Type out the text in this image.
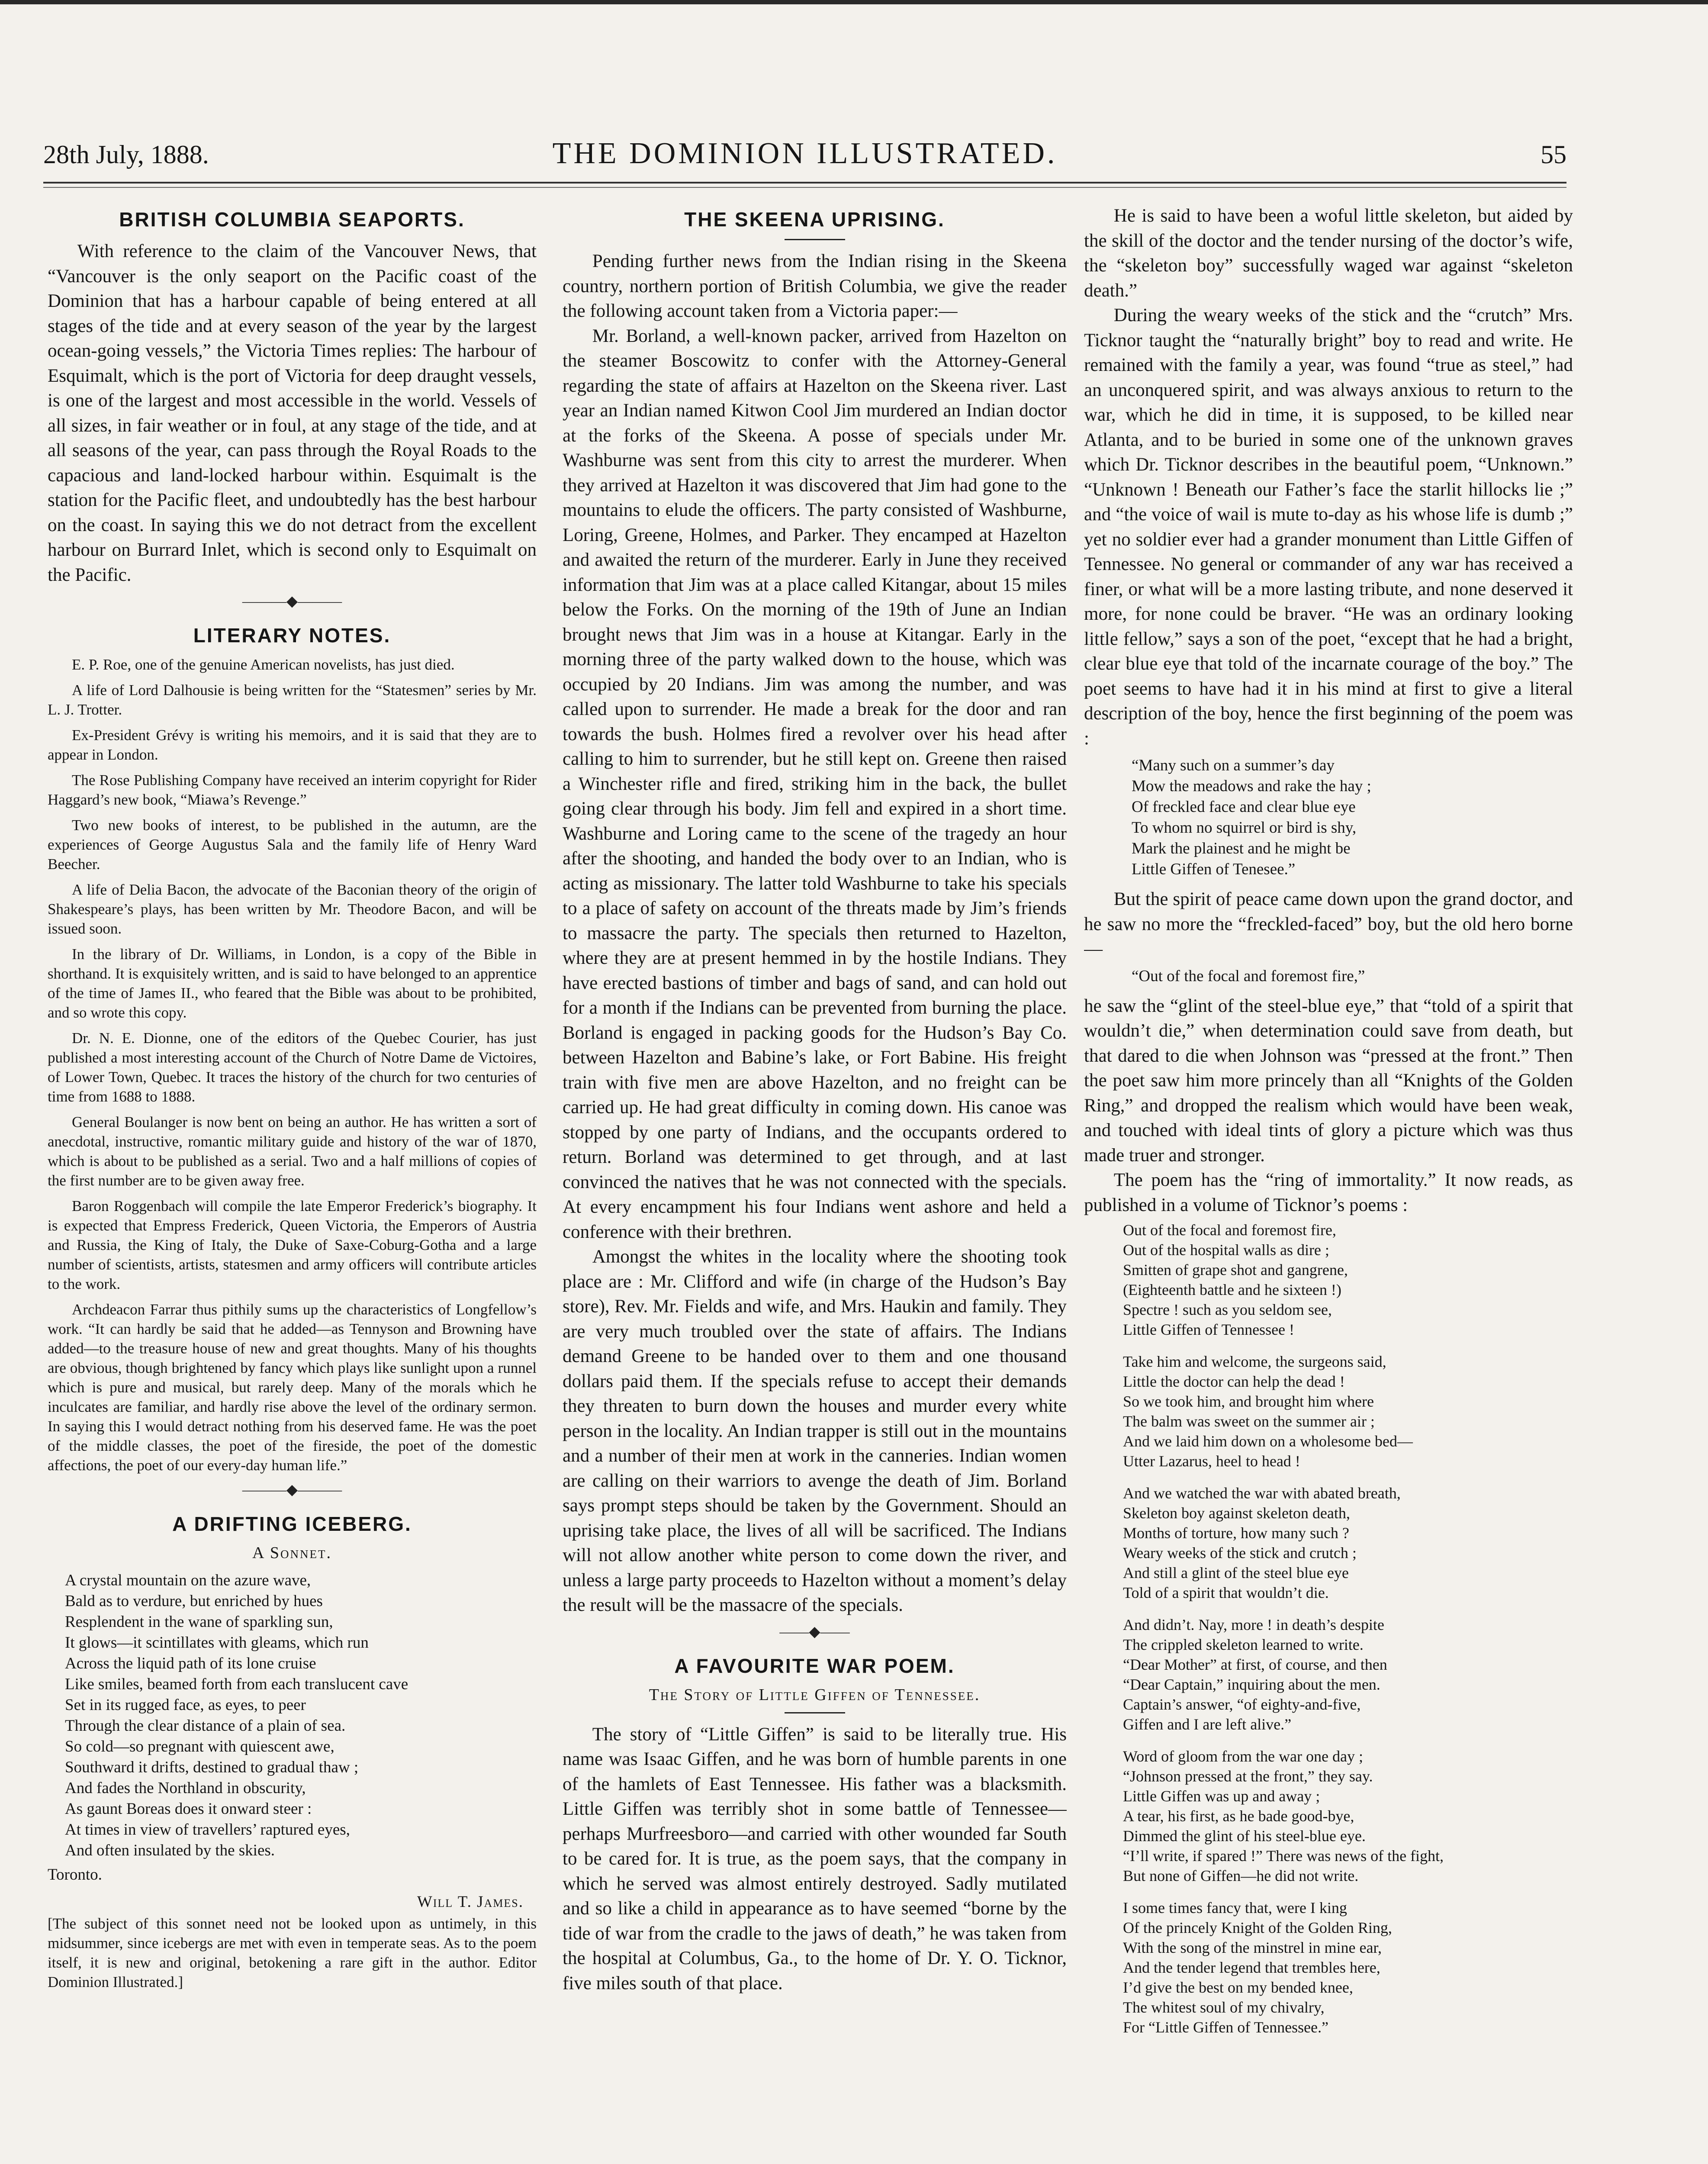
28th July, 1888.	THE DOMINION ILLUSTRATED.	55
BRITISH COLUMBIA SEAPORTS.

With reference to the claim of the Vancouver News, that “Vancouver is the only seaport on the Pacific coast of the Dominion that has a harbour capable of being entered at all stages of the tide and at every season of the year by the largest ocean-going vessels,” the Victoria Times replies: The harbour of Esquimalt, which is the port of Victoria for deep draught vessels, is one of the largest and most accessible in the world. Vessels of all sizes, in fair weather or in foul, at any stage of the tide, and at all seasons of the year, can pass through the Royal Roads to the capacious and land-locked harbour within. Esquimalt is the station for the Pacific fleet, and undoubtedly has the best harbour on the coast. In saying this we do not detract from the excellent harbour on Burrard Inlet, which is second only to Esquimalt on the Pacific.

———◆———
LITERARY NOTES.

E. P. Roe, one of the genuine American novelists, has just died.

A life of Lord Dalhousie is being written for the “Statesmen” series by Mr. L. J. Trotter.

Ex-President Grévy is writing his memoirs, and it is said that they are to appear in London.

The Rose Publishing Company have received an interim copyright for Rider Haggard’s new book, “Miawa’s Revenge.”

Two new books of interest, to be published in the autumn, are the experiences of George Augustus Sala and the family life of Henry Ward Beecher.

A life of Delia Bacon, the advocate of the Baconian theory of the origin of Shakespeare’s plays, has been written by Mr. Theodore Bacon, and will be issued soon.

In the library of Dr. Williams, in London, is a copy of the Bible in shorthand. It is exquisitely written, and is said to have belonged to an apprentice of the time of James II., who feared that the Bible was about to be prohibited, and so wrote this copy.

Dr. N. E. Dionne, one of the editors of the Quebec Courier, has just published a most interesting account of the Church of Notre Dame de Victoires, of Lower Town, Quebec. It traces the history of the church for two centuries of time from 1688 to 1888.

General Boulanger is now bent on being an author. He has written a sort of anecdotal, instructive, romantic military guide and history of the war of 1870, which is about to be published as a serial. Two and a half millions of copies of the first number are to be given away free.

Baron Roggenbach will compile the late Emperor Frederick’s biography. It is expected that Empress Frederick, Queen Victoria, the Emperors of Austria and Russia, the King of Italy, the Duke of Saxe-Coburg-Gotha and a large number of scientists, artists, statesmen and army officers will contribute articles to the work.

Archdeacon Farrar thus pithily sums up the characteristics of Longfellow’s work. “It can hardly be said that he added—as Tennyson and Browning have added—to the treasure house of new and great thoughts. Many of his thoughts are obvious, though brightened by fancy which plays like sunlight upon a runnel which is pure and musical, but rarely deep. Many of the morals which he inculcates are familiar, and hardly rise above the level of the ordinary sermon. In saying this I would detract nothing from his deserved fame. He was the poet of the middle classes, the poet of the fireside, the poet of the domestic affections, the poet of our every-day human life.”

———◆———
A DRIFTING ICEBERG.
A Sonnet.
A crystal mountain on the azure wave,
Bald as to verdure, but enriched by hues
Resplendent in the wane of sparkling sun,
It glows—it scintillates with gleams, which run
Across the liquid path of its lone cruise
Like smiles, beamed forth from each translucent cave
Set in its rugged face, as eyes, to peer
Through the clear distance of a plain of sea.
So cold—so pregnant with quiescent awe,
Southward it drifts, destined to gradual thaw ;
And fades the Northland in obscurity,
As gaunt Boreas does it onward steer :
At times in view of travellers’ raptured eyes,
And often insulated by the skies.
Toronto.
Will T. James.

[The subject of this sonnet need not be looked upon as untimely, in this midsummer, since icebergs are met with even in temperate seas. As to the poem itself, it is new and original, betokening a rare gift in the author. Editor Dominion Illustrated.]

THE SKEENA UPRISING.

Pending further news from the Indian rising in the Skeena country, northern portion of British Columbia, we give the reader the following account taken from a Victoria paper:—

Mr. Borland, a well-known packer, arrived from Hazelton on the steamer Boscowitz to confer with the Attorney-General regarding the state of affairs at Hazelton on the Skeena river. Last year an Indian named Kitwon Cool Jim murdered an Indian doctor at the forks of the Skeena. A posse of specials under Mr. Washburne was sent from this city to arrest the murderer. When they arrived at Hazelton it was discovered that Jim had gone to the mountains to elude the officers. The party consisted of Washburne, Loring, Greene, Holmes, and Parker. They encamped at Hazelton and awaited the return of the murderer. Early in June they received information that Jim was at a place called Kitangar, about 15 miles below the Forks. On the morning of the 19th of June an Indian brought news that Jim was in a house at Kitangar. Early in the morning three of the party walked down to the house, which was occupied by 20 Indians. Jim was among the number, and was called upon to surrender. He made a break for the door and ran towards the bush. Holmes fired a revolver over his head after calling to him to surrender, but he still kept on. Greene then raised a Winchester rifle and fired, striking him in the back, the bullet going clear through his body. Jim fell and expired in a short time. Washburne and Loring came to the scene of the tragedy an hour after the shooting, and handed the body over to an Indian, who is acting as missionary. The latter told Washburne to take his specials to a place of safety on account of the threats made by Jim’s friends to massacre the party. The specials then returned to Hazelton, where they are at present hemmed in by the hostile Indians. They have erected bastions of timber and bags of sand, and can hold out for a month if the Indians can be prevented from burning the place. Borland is engaged in packing goods for the Hudson’s Bay Co. between Hazelton and Babine’s lake, or Fort Babine. His freight train with five men are above Hazelton, and no freight can be carried up. He had great difficulty in coming down. His canoe was stopped by one party of Indians, and the occupants ordered to return. Borland was determined to get through, and at last convinced the natives that he was not connected with the specials. At every encampment his four Indians went ashore and held a conference with their brethren.

Amongst the whites in the locality where the shooting took place are : Mr. Clifford and wife (in charge of the Hudson’s Bay store), Rev. Mr. Fields and wife, and Mrs. Haukin and family. They are very much troubled over the state of affairs. The Indians demand Greene to be handed over to them and one thousand dollars paid them. If the specials refuse to accept their demands they threaten to burn down the houses and murder every white person in the locality. An Indian trapper is still out in the mountains and a number of their men at work in the canneries. Indian women are calling on their warriors to avenge the death of Jim. Borland says prompt steps should be taken by the Government. Should an uprising take place, the lives of all will be sacrificed. The Indians will not allow another white person to come down the river, and unless a large party proceeds to Hazelton without a moment’s delay the result will be the massacre of the specials.

——◆——
A FAVOURITE WAR POEM.
The Story of Little Giffen of Tennessee.

The story of “Little Giffen” is said to be literally true. His name was Isaac Giffen, and he was born of humble parents in one of the hamlets of East Tennessee. His father was a blacksmith. Little Giffen was terribly shot in some battle of Tennessee—perhaps Murfreesboro—and carried with other wounded far South to be cared for. It is true, as the poem says, that the company in which he served was almost entirely destroyed. Sadly mutilated and so like a child in appearance as to have seemed “borne by the tide of war from the cradle to the jaws of death,” he was taken from the hospital at Columbus, Ga., to the home of Dr. Y. O. Ticknor, five miles south of that place.

He is said to have been a woful little skeleton, but aided by the skill of the doctor and the tender nursing of the doctor’s wife, the “skeleton boy” successfully waged war against “skeleton death.”

During the weary weeks of the stick and the “crutch” Mrs. Ticknor taught the “naturally bright” boy to read and write. He remained with the family a year, was found “true as steel,” had an unconquered spirit, and was always anxious to return to the war, which he did in time, it is supposed, to be killed near Atlanta, and to be buried in some one of the unknown graves which Dr. Ticknor describes in the beautiful poem, “Unknown.” “Unknown ! Beneath our Father’s face the starlit hillocks lie ;” and “the voice of wail is mute to-day as his whose life is dumb ;” yet no soldier ever had a grander monument than Little Giffen of Tennessee. No general or commander of any war has received a finer, or what will be a more lasting tribute, and none deserved it more, for none could be braver. “He was an ordinary looking little fellow,” says a son of the poet, “except that he had a bright, clear blue eye that told of the incarnate courage of the boy.” The poet seems to have had it in his mind at first to give a literal description of the boy, hence the first beginning of the poem was :

“Many such on a summer’s day
Mow the meadows and rake the hay ;
Of freckled face and clear blue eye
To whom no squirrel or bird is shy,
Mark the plainest and he might be
Little Giffen of Tenesee.”

But the spirit of peace came down upon the grand doctor, and he saw no more the “freckled-faced” boy, but the old hero borne—

“Out of the focal and foremost fire,”

he saw the “glint of the steel-blue eye,” that “told of a spirit that wouldn’t die,” when determination could save from death, but that dared to die when Johnson was “pressed at the front.” Then the poet saw him more princely than all “Knights of the Golden Ring,” and dropped the realism which would have been weak, and touched with ideal tints of glory a picture which was thus made truer and stronger.

The poem has the “ring of immortality.” It now reads, as published in a volume of Ticknor’s poems :

Out of the focal and foremost fire,
Out of the hospital walls as dire ;
Smitten of grape shot and gangrene,
(Eighteenth battle and he sixteen !)
Spectre ! such as you seldom see,
Little Giffen of Tennessee !
Take him and welcome, the surgeons said,
Little the doctor can help the dead !
So we took him, and brought him where
The balm was sweet on the summer air ;
And we laid him down on a wholesome bed—
Utter Lazarus, heel to head !
And we watched the war with abated breath,
Skeleton boy against skeleton death,
Months of torture, how many such ?
Weary weeks of the stick and crutch ;
And still a glint of the steel blue eye
Told of a spirit that wouldn’t die.
And didn’t. Nay, more ! in death’s despite
The crippled skeleton learned to write.
“Dear Mother” at first, of course, and then
“Dear Captain,” inquiring about the men.
Captain’s answer, “of eighty-and-five,
Giffen and I are left alive.”
Word of gloom from the war one day ;
“Johnson pressed at the front,” they say.
Little Giffen was up and away ;
A tear, his first, as he bade good-bye,
Dimmed the glint of his steel-blue eye.
“I’ll write, if spared !” There was news of the fight,
But none of Giffen—he did not write.
I some times fancy that, were I king
Of the princely Knight of the Golden Ring,
With the song of the minstrel in mine ear,
And the tender legend that trembles here,
I’d give the best on my bended knee,
The whitest soul of my chivalry,
For “Little Giffen of Tennessee.”
